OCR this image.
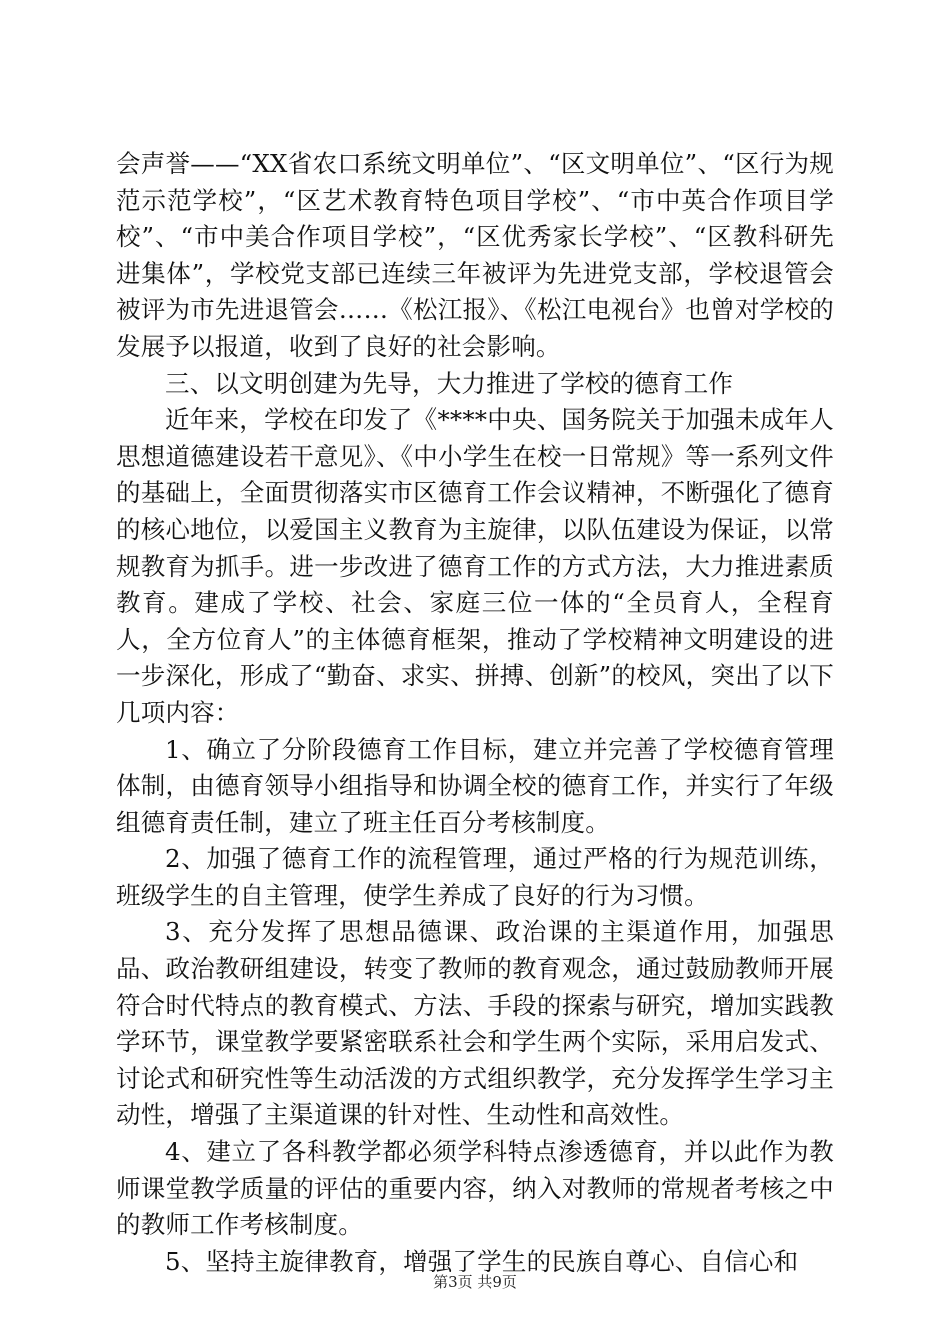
会声誉——“XX省农口系统文明单位”、“区文明单位”、“区行为规范示范学校”，“区艺术教育特色项目学校”、“市中英合作项目学校”、“市中美合作项目学校”，“区优秀家长学校”、“区教科研先进集体”，学校党支部已连续三年被评为先进党支部，学校退管会被评为市先进退管会……《松江报》、《松江电视台》也曾对学校的发展予以报道，收到了良好的社会影响。

三、以文明创建为先导，大力推进了学校的德育工作

近年来，学校在印发了《****中央、国务院关于加强未成年人思想道德建设若干意见》、《中小学生在校一日常规》等一系列文件的基础上，全面贯彻落实市区德育工作会议精神，不断强化了德育的核心地位，以爱国主义教育为主旋律，以队伍建设为保证，以常规教育为抓手。进一步改进了德育工作的方式方法，大力推进素质教育。建成了学校、社会、家庭三位一体的“全员育人，全程育人，全方位育人”的主体德育框架，推动了学校精神文明建设的进一步深化，形成了“勤奋、求实、拼搏、创新”的校风，突出了以下几项内容：

1、确立了分阶段德育工作目标，建立并完善了学校德育管理体制，由德育领导小组指导和协调全校的德育工作，并实行了年级组德育责任制，建立了班主任百分考核制度。

2、加强了德育工作的流程管理，通过严格的行为规范训练，班级学生的自主管理，使学生养成了良好的行为习惯。

3、充分发挥了思想品德课、政治课的主渠道作用，加强思品、政治教研组建设，转变了教师的教育观念，通过鼓励教师开展符合时代特点的教育模式、方法、手段的探索与研究，增加实践教学环节，课堂教学要紧密联系社会和学生两个实际，采用启发式、讨论式和研究性等生动活泼的方式组织教学，充分发挥学生学习主动性，增强了主渠道课的针对性、生动性和高效性。

4、建立了各科教学都必须学科特点渗透德育，并以此作为教师课堂教学质量的评估的重要内容，纳入对教师的常规者考核之中的教师工作考核制度。

5、坚持主旋律教育，增强了学生的民族自尊心、自信心和

第3页 共9页
